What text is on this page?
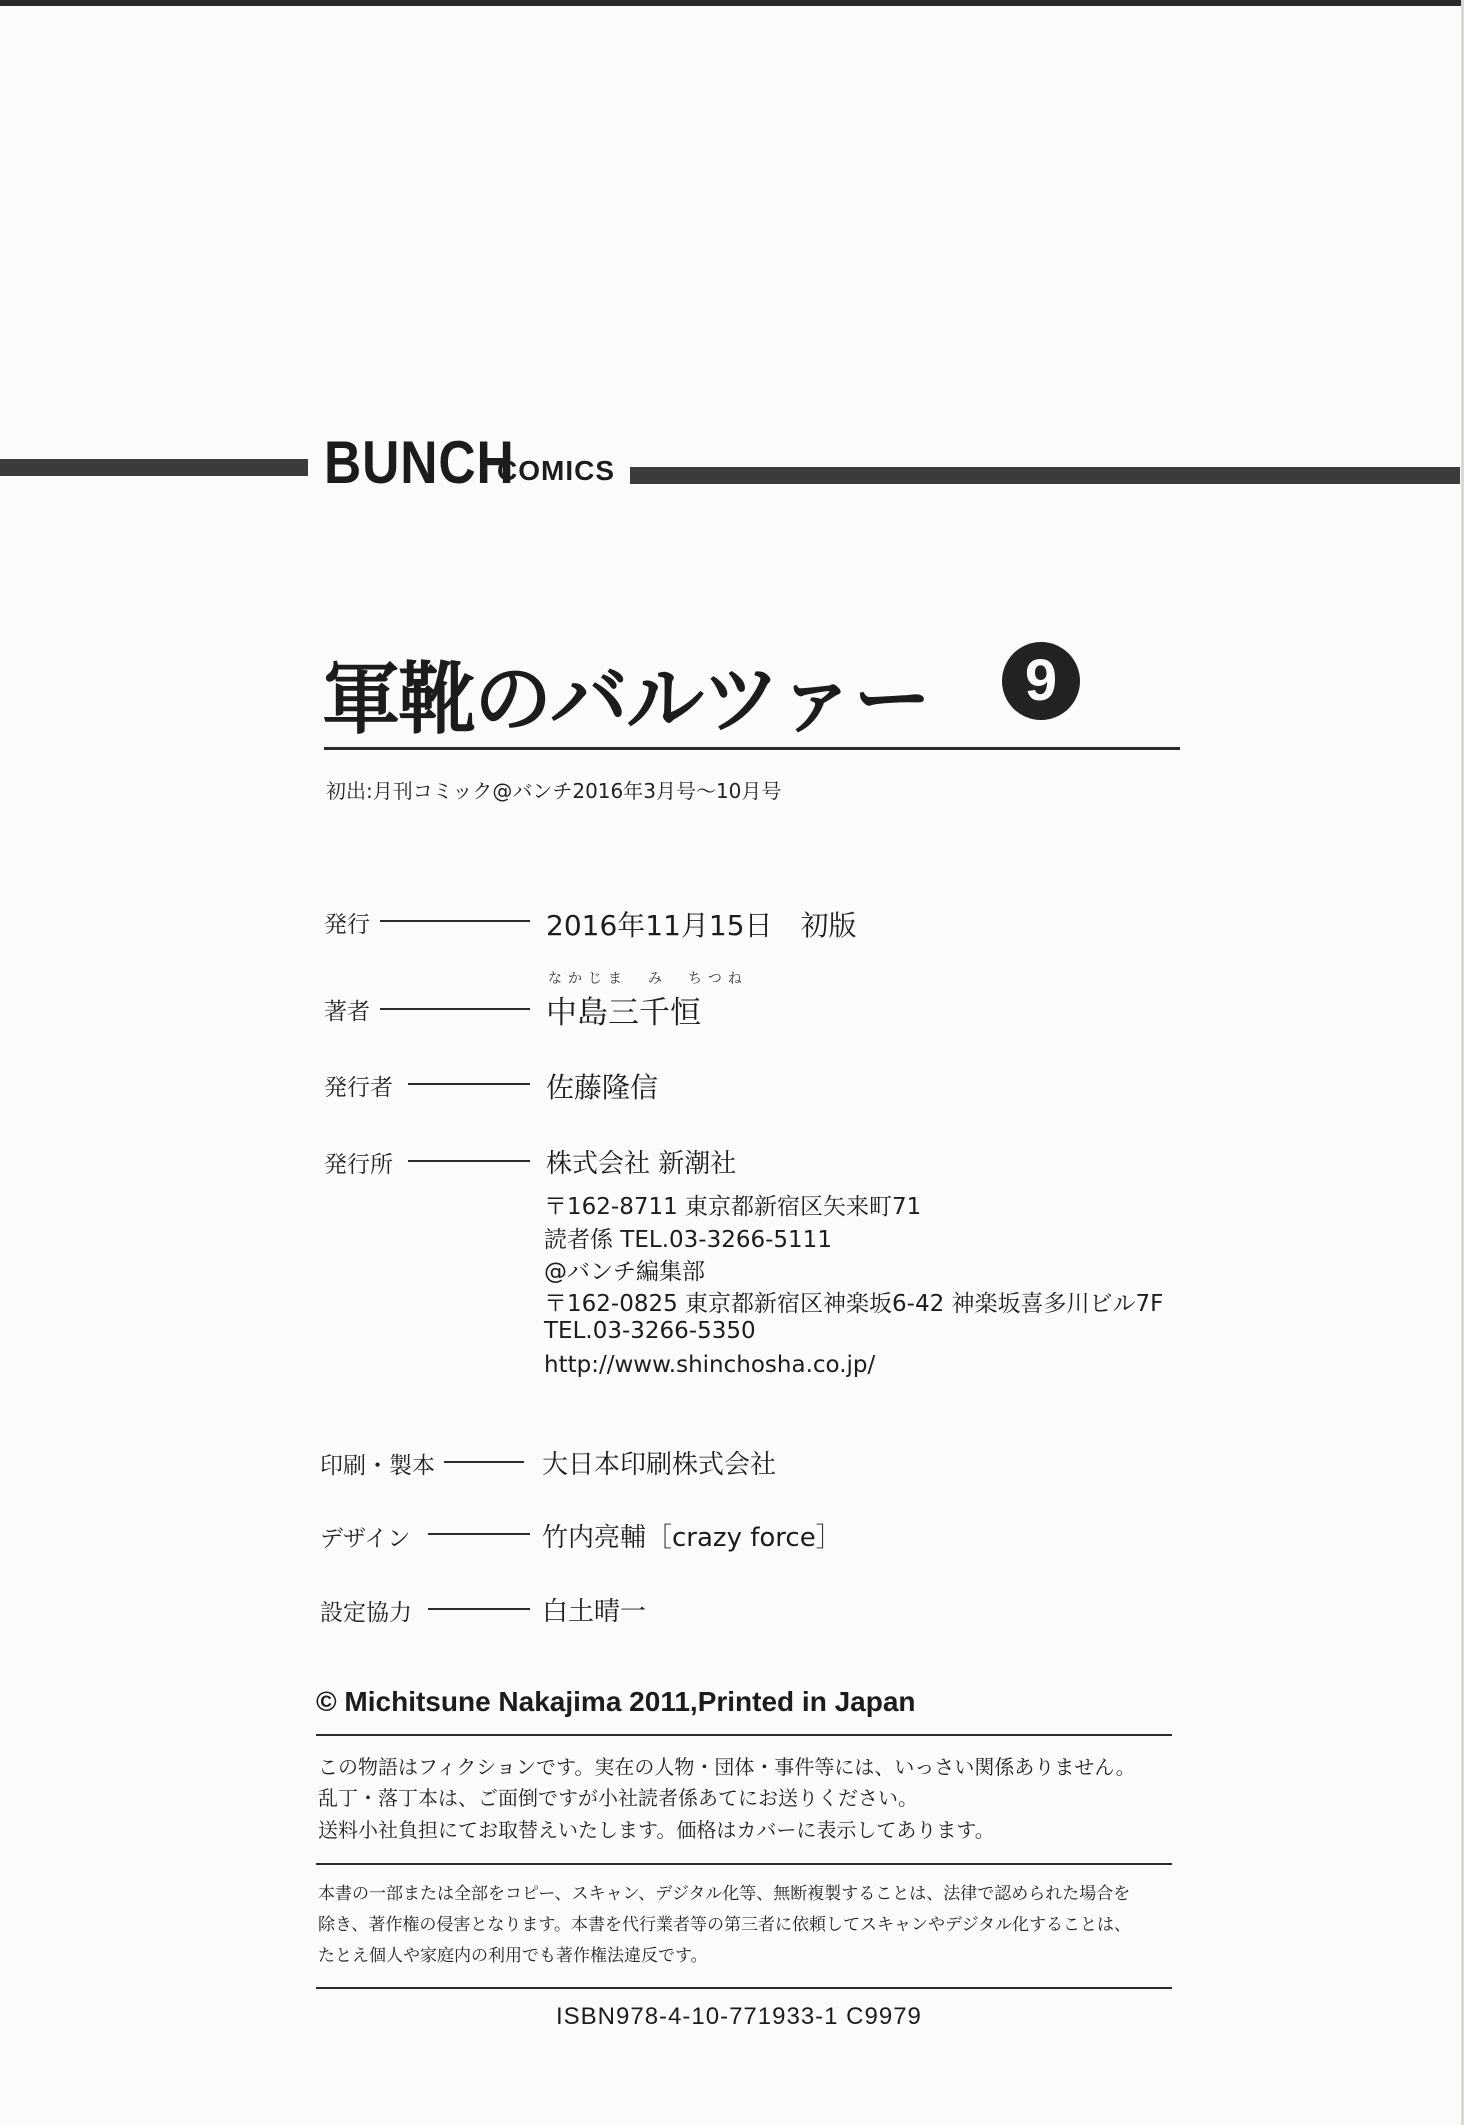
BUNCH
COMICS
軍靴のバルツァー	9
初出:月刊コミック@バンチ2016年3月号〜10月号
発行	2016年11月15日　初版
なかじま　み　ちつね
著者	中島三千恒
発行者	佐藤隆信
発行所	株式会社 新潮社
〒162-8711 東京都新宿区矢来町71
読者係 TEL.03-3266-5111
@バンチ編集部
〒162-0825 東京都新宿区神楽坂6-42 神楽坂喜多川ビル7F
TEL.03-3266-5350
http://www.shinchosha.co.jp/
印刷・製本	大日本印刷株式会社
デザイン	竹内亮輔［crazy force］
設定協力	白土晴一
© Michitsune Nakajima 2011,Printed in Japan
この物語はフィクションです。実在の人物・団体・事件等には、いっさい関係ありません。
乱丁・落丁本は、ご面倒ですが小社読者係あてにお送りください。
送料小社負担にてお取替えいたします。価格はカバーに表示してあります。
本書の一部または全部をコピー、スキャン、デジタル化等、無断複製することは、法律で認められた場合を
除き、著作権の侵害となります。本書を代行業者等の第三者に依頼してスキャンやデジタル化することは、
たとえ個人や家庭内の利用でも著作権法違反です。
ISBN978-4-10-771933-1 C9979
